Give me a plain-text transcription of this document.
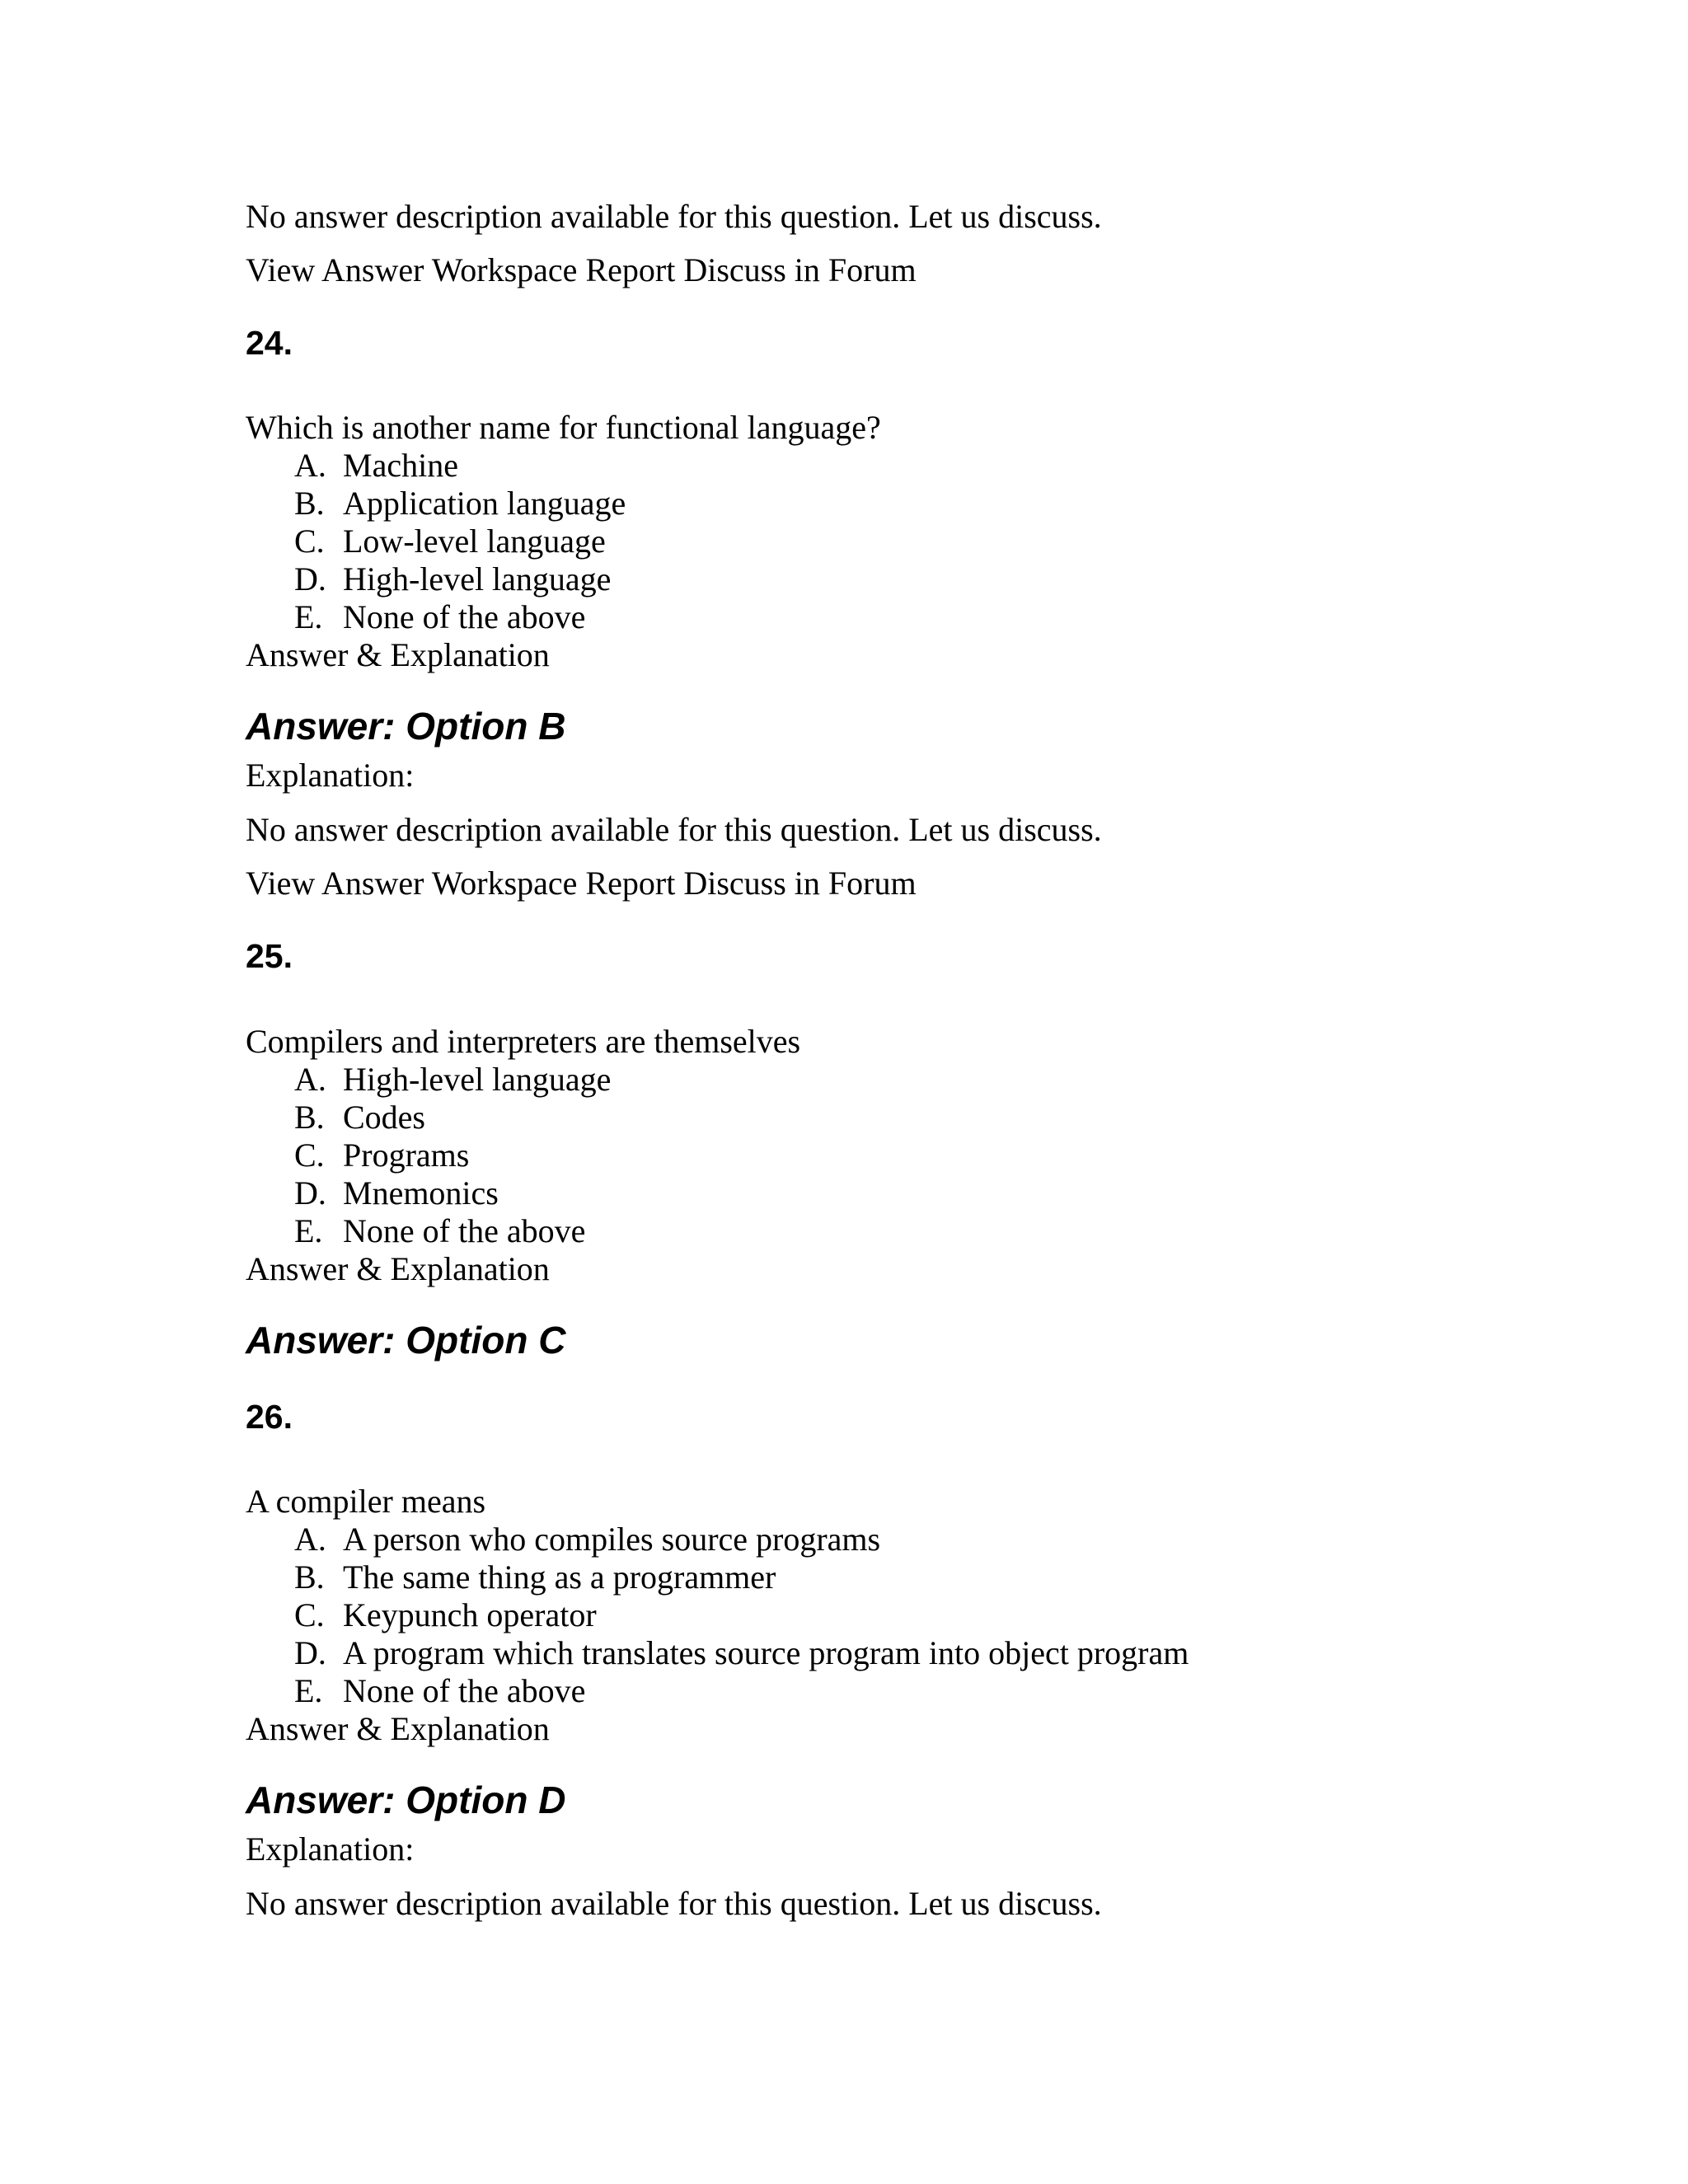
No answer description available for this question. Let us discuss.
View Answer Workspace Report Discuss in Forum
24.
Which is another name for functional language?
A. Machine
B. Application language
C. Low-level language
D. High-level language
E. None of the above
Answer & Explanation
Answer: Option B
Explanation:
No answer description available for this question. Let us discuss.
View Answer Workspace Report Discuss in Forum
25.
Compilers and interpreters are themselves
A. High-level language
B. Codes
C. Programs
D. Mnemonics
E. None of the above
Answer & Explanation
Answer: Option C
26.
A compiler means
A. A person who compiles source programs
B. The same thing as a programmer
C. Keypunch operator
D. A program which translates source program into object program
E. None of the above
Answer & Explanation
Answer: Option D
Explanation:
No answer description available for this question. Let us discuss.
